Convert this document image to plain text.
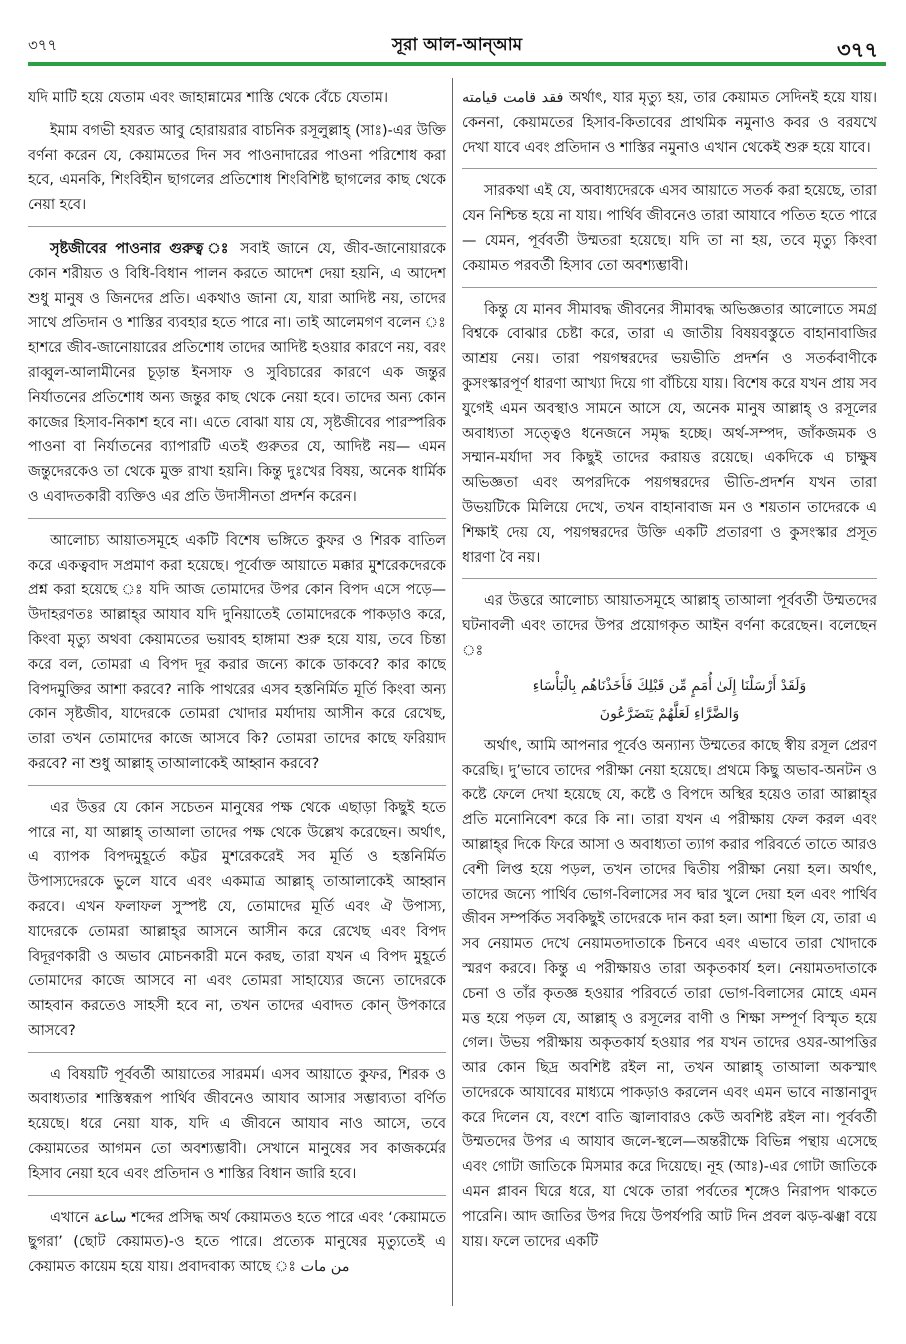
৩৭৭	সূরা আল-আন্‌আম	৩৭৭

যদি মাটি হয়ে যেতাম এবং জাহান্নামের শাস্তি থেকে বেঁচে যেতাম।

ইমাম বগভী হযরত আবু হোরায়রার বাচনিক রসূলুল্লাহ্ (সাঃ)-এর উক্তি বর্ণনা করেন যে, কেয়ামতের দিন সব পাওনাদারের পাওনা পরিশোধ করা হবে, এমনকি, শিংবিহীন ছাগলের প্রতিশোধ শিংবিশিষ্ট ছাগলের কাছ থেকে নেয়া হবে।

সৃষ্টজীবের পাওনার গুরুত্ব ঃ সবাই জানে যে, জীব-জানোয়ারকে কোন শরীয়ত ও বিধি-বিধান পালন করতে আদেশ দেয়া হয়নি, এ আদেশ শুধু মানুষ ও জিনদের প্রতি। একথাও জানা যে, যারা আদিষ্ট নয়, তাদের সাথে প্রতিদান ও শাস্তির ব্যবহার হতে পারে না। তাই আলেমগণ বলেন ঃ হাশরে জীব-জানোয়ারের প্রতিশোধ তাদের আদিষ্ট হওয়ার কারণে নয়, বরং রাব্বুল-আলামীনের চূড়ান্ত ইনসাফ ও সুবিচারের কারণে এক জন্তুর নির্যাতনের প্রতিশোধ অন্য জন্তুর কাছ থেকে নেয়া হবে। তাদের অন্য কোন কাজের হিসাব-নিকাশ হবে না। এতে বোঝা যায় যে, সৃষ্টজীবের পারস্পরিক পাওনা বা নির্যাতনের ব্যাপারটি এতই গুরুতর যে, আদিষ্ট নয়— এমন জন্তুদেরকেও তা থেকে মুক্ত রাখা হয়নি। কিন্তু দুঃখের বিষয়, অনেক ধার্মিক ও এবাদতকারী ব্যক্তিও এর প্রতি উদাসীনতা প্রদর্শন করেন।

আলোচ্য আয়াতসমূহে একটি বিশেষ ভঙ্গিতে কুফর ও শিরক বাতিল করে একত্ববাদ সপ্রমাণ করা হয়েছে। পূর্বোক্ত আয়াতে মক্কার মুশরেকদেরকে প্রশ্ন করা হয়েছে ঃ যদি আজ তোমাদের উপর কোন বিপদ এসে পড়ে—উদাহরণতঃ আল্লাহ্‌র আযাব যদি দুনিয়াতেই তোমাদেরকে পাকড়াও করে, কিংবা মৃত্যু অথবা কেয়ামতের ভয়াবহ হাঙ্গামা শুরু হয়ে যায়, তবে চিন্তা করে বল, তোমরা এ বিপদ দূর করার জন্যে কাকে ডাকবে? কার কাছে বিপদমুক্তির আশা করবে? নাকি পাথরের এসব হস্তনির্মিত মূর্তি কিংবা অন্য কোন সৃষ্টজীব, যাদেরকে তোমরা খোদার মর্যাদায় আসীন করে রেখেছ, তারা তখন তোমাদের কাজে আসবে কি? তোমরা তাদের কাছে ফরিয়াদ করবে? না শুধু আল্লাহ্ তাআলাকেই আহ্বান করবে?

এর উত্তর যে কোন সচেতন মানুষের পক্ষ থেকে এছাড়া কিছুই হতে পারে না, যা আল্লাহ্ তাআলা তাদের পক্ষ থেকে উল্লেখ করেছেন। অর্থাৎ, এ ব্যাপক বিপদমুহূর্তে কট্টর মুশরেকরেই সব মূর্তি ও হস্তনির্মিত উপাস্যদেরকে ভুলে যাবে এবং একমাত্র আল্লাহ্ তাআলাকেই আহ্বান করবে। এখন ফলাফল সুস্পষ্ট যে, তোমাদের মূর্তি এবং ঐ উপাস্য, যাদেরকে তোমরা আল্লাহ্‌র আসনে আসীন করে রেখেছ এবং বিপদ বিদূরণকারী ও অভাব মোচনকারী মনে করছ, তারা যখন এ বিপদ মুহূর্তে তোমাদের কাজে আসবে না এবং তোমরা সাহায্যের জন্যে তাদেরকে আহবান করতেও সাহসী হবে না, তখন তাদের এবাদত কোন্ উপকারে আসবে?

এ বিষয়টি পূর্ববর্তী আয়াতের সারমর্ম। এসব আয়াতে কুফর, শিরক ও অবাধ্যতার শাস্তিস্বরূপ পার্থিব জীবনেও আযাব আসার সম্ভাব্যতা বর্ণিত হয়েছে। ধরে নেয়া যাক, যদি এ জীবনে আযাব নাও আসে, তবে কেয়ামতের আগমন তো অবশ্যম্ভাবী। সেখানে মানুষের সব কাজকর্মের হিসাব নেয়া হবে এবং প্রতিদান ও শাস্তির বিধান জারি হবে।

এখানে ساعة শব্দের প্রসিদ্ধ অর্থ কেয়ামতও হতে পারে এবং ‘কেয়ামতে ছুগরা’ (ছোট কেয়ামত)-ও হতে পারে। প্রত্যেক মানুষের মৃত্যুতেই এ কেয়ামত কায়েম হয়ে যায়। প্রবাদবাক্য আছে ঃ من مات

فقد قامت قيامته অর্থাৎ, যার মৃত্যু হয়, তার কেয়ামত সেদিনই হয়ে যায়। কেননা, কেয়ামতের হিসাব-কিতাবের প্রাথমিক নমুনাও কবর ও বরযখে দেখা যাবে এবং প্রতিদান ও শাস্তির নমুনাও এখান থেকেই শুরু হয়ে যাবে।

সারকথা এই যে, অবাধ্যদেরকে এসব আয়াতে সতর্ক করা হয়েছে, তারা যেন নিশ্চিন্ত হয়ে না যায়। পার্থিব জীবনেও তারা আযাবে পতিত হতে পারে— যেমন, পূর্ববর্তী উম্মতরা হয়েছে। যদি তা না হয়, তবে মৃত্যু কিংবা কেয়ামত পরবর্তী হিসাব তো অবশ্যম্ভাবী।

কিন্তু যে মানব সীমাবদ্ধ জীবনের সীমাবদ্ধ অভিজ্ঞতার আলোতে সমগ্র বিশ্বকে বোঝার চেষ্টা করে, তারা এ জাতীয় বিষয়বস্তুতে বাহানাবাজির আশ্রয় নেয়। তারা পয়গম্বরদের ভয়ভীতি প্রদর্শন ও সতর্কবাণীকে কুসংস্কারপূর্ণ ধারণা আখ্যা দিয়ে গা বাঁচিয়ে যায়। বিশেষ করে যখন প্রায় সব যুগেই এমন অবস্থাও সামনে আসে যে, অনেক মানুষ আল্লাহ্ ও রসূলের অবাধ্যতা সত্ত্বেও ধনেজনে সমৃদ্ধ হচ্ছে। অর্থ-সম্পদ, জাঁকজমক ও সম্মান-মর্যাদা সব কিছুই তাদের করায়ত্ত রয়েছে। একদিকে এ চাক্ষুষ অভিজ্ঞতা এবং অপরদিকে পয়গম্বরদের ভীতি-প্রদর্শন যখন তারা উভয়টিকে মিলিয়ে দেখে, তখন বাহানাবাজ মন ও শয়তান তাদেরকে এ শিক্ষাই দেয় যে, পয়গম্বরদের উক্তি একটি প্রতারণা ও কুসংস্কার প্রসূত ধারণা বৈ নয়।

এর উত্তরে আলোচ্য আয়াতসমূহে আল্লাহ্ তাআলা পূর্ববর্তী উম্মতদের ঘটনাবলী এবং তাদের উপর প্রয়োগকৃত আইন বর্ণনা করেছেন। বলেছেন ঃ

وَلَقَدْ أَرْسَلْنَا إِلَىٰ أُمَمٍ مِّن قَبْلِكَ فَأَخَذْنَاهُم بِالْبَأْسَاءِ
وَالضَّرَّاءِ لَعَلَّهُمْ يَتَضَرَّعُونَ

অর্থাৎ, আমি আপনার পূর্বেও অন্যান্য উম্মতের কাছে স্বীয় রসূল প্রেরণ করেছি। দু’ভাবে তাদের পরীক্ষা নেয়া হয়েছে। প্রথমে কিছু অভাব-অনটন ও কষ্টে ফেলে দেখা হয়েছে যে, কষ্টে ও বিপদে অস্থির হয়েও তারা আল্লাহ্‌র প্রতি মনোনিবেশ করে কি না। তারা যখন এ পরীক্ষায় ফেল করল এবং আল্লাহ্‌র দিকে ফিরে আসা ও অবাধ্যতা ত্যাগ করার পরিবর্তে তাতে আরও বেশী লিপ্ত হয়ে পড়ল, তখন তাদের দ্বিতীয় পরীক্ষা নেয়া হল। অর্থাৎ, তাদের জন্যে পার্থিব ভোগ-বিলাসের সব দ্বার খুলে দেয়া হল এবং পার্থিব জীবন সম্পর্কিত সবকিছুই তাদেরকে দান করা হল। আশা ছিল যে, তারা এ সব নেয়ামত দেখে নেয়ামতদাতাকে চিনবে এবং এভাবে তারা খোদাকে স্মরণ করবে। কিন্তু এ পরীক্ষায়ও তারা অকৃতকার্য হল। নেয়ামতদাতাকে চেনা ও তাঁর কৃতজ্ঞ হওয়ার পরিবর্তে তারা ভোগ-বিলাসের মোহে এমন মত্ত হয়ে পড়ল যে, আল্লাহ্ ও রসূলের বাণী ও শিক্ষা সম্পূর্ণ বিস্মৃত হয়ে গেল। উভয় পরীক্ষায় অকৃতকার্য হওয়ার পর যখন তাদের ওযর-আপত্তির আর কোন ছিদ্র অবশিষ্ট রইল না, তখন আল্লাহ্ তাআলা অকস্মাৎ তাদেরকে আযাবের মাধ্যমে পাকড়াও করলেন এবং এমন ভাবে নাস্তানাবুদ করে দিলেন যে, বংশে বাতি জ্বালাবারও কেউ অবশিষ্ট রইল না। পূর্ববর্তী উম্মতদের উপর এ আযাব জলে-স্থলে—অন্তরীক্ষে বিভিন্ন পন্থায় এসেছে এবং গোটা জাতিকে মিসমার করে দিয়েছে। নূহ (আঃ)-এর গোটা জাতিকে এমন প্লাবন ঘিরে ধরে, যা থেকে তারা পর্বতের শৃঙ্গেও নিরাপদ থাকতে পারেনি। আদ জাতির উপর দিয়ে উপর্যপরি আট দিন প্রবল ঝড়-ঝঞ্ঝা বয়ে যায়। ফলে তাদের একটি
